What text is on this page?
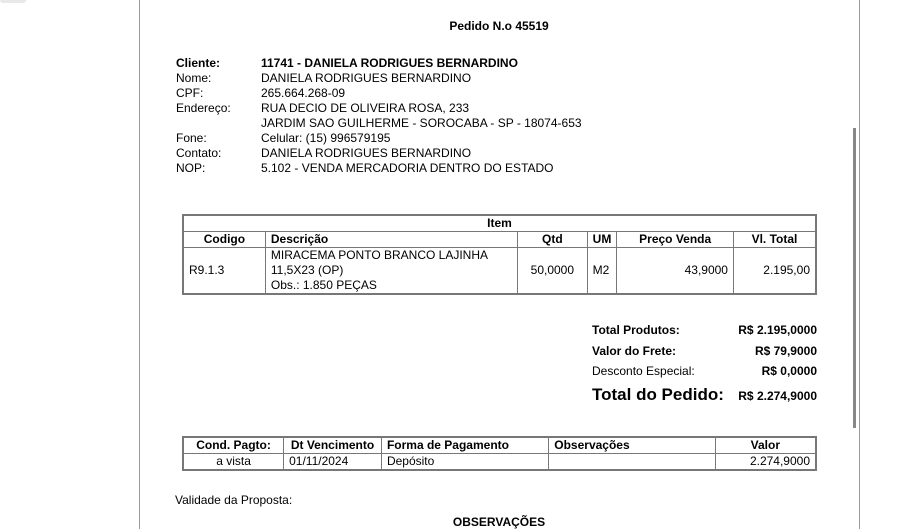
Pedido N.o 45519
Cliente:	11741 - DANIELA RODRIGUES BERNARDINO
Nome:	DANIELA RODRIGUES BERNARDINO
CPF:	265.664.268-09
Endereço:	RUA DECIO DE OLIVEIRA ROSA, 233
JARDIM SAO GUILHERME - SOROCABA - SP - 18074-653
Fone:	Celular: (15) 996579195
Contato:	DANIELA RODRIGUES BERNARDINO
NOP:	5.102 - VENDA MERCADORIA DENTRO DO ESTADO
Item					
Codigo	Descrição	Qtd	UM	Preço Venda	Vl. Total
R9.1.3	MIRACEMA PONTO BRANCO LAJINHA
11,5X23 (OP)
Obs.: 1.850 PEÇAS	50,0000	M2	43,9000	2.195,00
Total Produtos:	R$ 2.195,0000
Valor do Frete:	R$ 79,9000
Desconto Especial:	R$ 0,0000
Total do Pedido: R$ 2.274,9000
Cond. Pagto:	Dt Vencimento	Forma de Pagamento	Observações	Valor
a vista	01/11/2024	Depósito		2.274,9000
Validade da Proposta:
OBSERVAÇÕES
